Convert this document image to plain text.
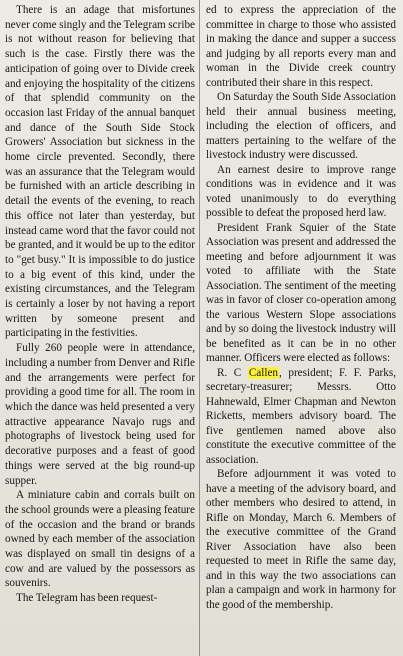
There is an adage that misfortunes never come singly and the Telegram scribe is not without reason for believing that such is the case. Firstly there was the anticipation of going over to Divide creek and enjoying the hospitality of the citizens of that splendid community on the occasion last Friday of the annual banquet and dance of the South Side Stock Growers' Association but sickness in the home circle prevented. Secondly, there was an assurance that the Telegram would be furnished with an article describing in detail the events of the evening, to reach this office not later than yesterday, but instead came word that the favor could not be granted, and it would be up to the editor to "get busy." It is impossible to do justice to a big event of this kind, under the existing circumstances, and the Telegram is certainly a loser by not having a report written by someone present and participating in the festivities.

Fully 260 people were in attendance, including a number from Denver and Rifle and the arrangements were perfect for providing a good time for all. The room in which the dance was held presented a very attractive appearance Navajo rugs and photographs of livestock being used for decorative purposes and a feast of good things were served at the big round-up supper.

A miniature cabin and corrals built on the school grounds were a pleasing feature of the occasion and the brand or brands owned by each member of the association was displayed on small tin designs of a cow and are valued by the possessors as souvenirs.

The Telegram has been request-

ed to express the appreciation of the committee in charge to those who assisted in making the dance and supper a success and judging by all reports every man and woman in the Divide creek country contributed their share in this respect.

On Saturday the South Side Association held their annual business meeting, including the election of officers, and matters pertaining to the welfare of the livestock industry were discussed.

An earnest desire to improve range conditions was in evidence and it was voted unanimously to do everything possible to defeat the proposed herd law.

President Frank Squier of the State Association was present and addressed the meeting and before adjournment it was voted to affiliate with the State Association. The sentiment of the meeting was in favor of closer co-operation among the various Western Slope associations and by so doing the livestock industry will be benefited as it can be in no other manner. Officers were elected as follows:

R. C Callen, president; F. F. Parks, secretary-treasurer; Messrs. Otto Hahnewald, Elmer Chapman and Newton Ricketts, members advisory board. The five gentlemen named above also constitute the executive committee of the association.

Before adjournment it was voted to have a meeting of the advisory board, and other members who desired to attend, in Rifle on Monday, March 6. Members of the executive committee of the Grand River Association have also been requested to meet in Rifle the same day, and in this way the two associations can plan a campaign and work in harmony for the good of the membership.
